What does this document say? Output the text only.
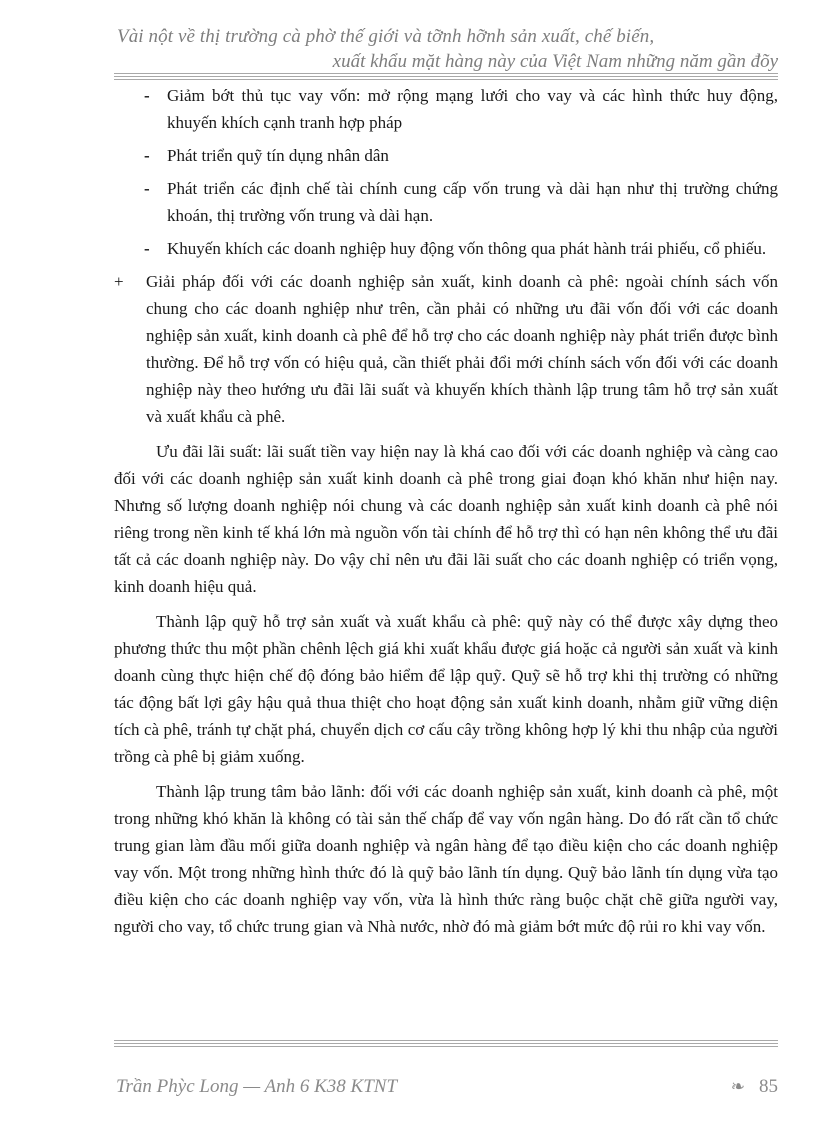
Vài nột về thị trường cà phờ thế giới và tỡnh hỡnh sản xuất, chế biến,

xuất khẩu mặt hàng này của Việt Nam những năm gần đõy

- Giảm bớt thủ tục vay vốn: mở rộng mạng lưới cho vay và các hình thức huy động, khuyến khích cạnh tranh hợp pháp

- Phát triển quỹ tín dụng nhân dân

- Phát triển các định chế tài chính cung cấp vốn trung và dài hạn như thị trường chứng khoán, thị trường vốn trung và dài hạn.

- Khuyến khích các doanh nghiệp huy động vốn thông qua phát hành trái phiếu, cổ phiếu.

+ Giải pháp đối với các doanh nghiệp sản xuất, kinh doanh cà phê: ngoài chính sách vốn chung cho các doanh nghiệp như trên, cần phải có những ưu đãi vốn đối với các doanh nghiệp sản xuất, kinh doanh cà phê để hỗ trợ cho các doanh nghiệp này phát triển được bình thường. Để hỗ trợ vốn có hiệu quả, cần thiết phải đổi mới chính sách vốn đối với các doanh nghiệp này theo hướng ưu đãi lãi suất và khuyến khích thành lập trung tâm hỗ trợ sản xuất và xuất khẩu cà phê.

Ưu đãi lãi suất: lãi suất tiền vay hiện nay là khá cao đối với các doanh nghiệp và càng cao đối với các doanh nghiệp sản xuất kinh doanh cà phê trong giai đoạn khó khăn như hiện nay. Nhưng số lượng doanh nghiệp nói chung và các doanh nghiệp sản xuất kinh doanh cà phê nói riêng trong nền kinh tế khá lớn mà nguồn vốn tài chính để hỗ trợ thì có hạn nên không thể ưu đãi tất cả các doanh nghiệp này. Do vậy chỉ nên ưu đãi lãi suất cho các doanh nghiệp có triển vọng, kinh doanh hiệu quả.

Thành lập quỹ hỗ trợ sản xuất và xuất khẩu cà phê: quỹ này có thể được xây dựng theo phương thức thu một phần chênh lệch giá khi xuất khẩu được giá hoặc cả người sản xuất và kinh doanh cùng thực hiện chế độ đóng bảo hiểm để lập quỹ. Quỹ sẽ hỗ trợ khi thị trường có những tác động bất lợi gây hậu quả thua thiệt cho hoạt động sản xuất kinh doanh, nhằm giữ vững diện tích cà phê, tránh tự chặt phá, chuyển dịch cơ cấu cây trồng không hợp lý khi thu nhập của người trồng cà phê bị giảm xuống.

Thành lập trung tâm bảo lãnh: đối với các doanh nghiệp sản xuất, kinh doanh cà phê, một trong những khó khăn là không có tài sản thế chấp để vay vốn ngân hàng. Do đó rất cần tổ chức trung gian làm đầu mối giữa doanh nghiệp và ngân hàng để tạo điều kiện cho các doanh nghiệp vay vốn. Một trong những hình thức đó là quỹ bảo lãnh tín dụng. Quỹ bảo lãnh tín dụng vừa tạo điều kiện cho các doanh nghiệp vay vốn, vừa là hình thức ràng buộc chặt chẽ giữa người vay, người cho vay, tổ chức trung gian và Nhà nước, nhờ đó mà giảm bớt mức độ rủi ro khi vay vốn.

Trần Phỳc Long — Anh 6 K38 KTNT	❧ 85
